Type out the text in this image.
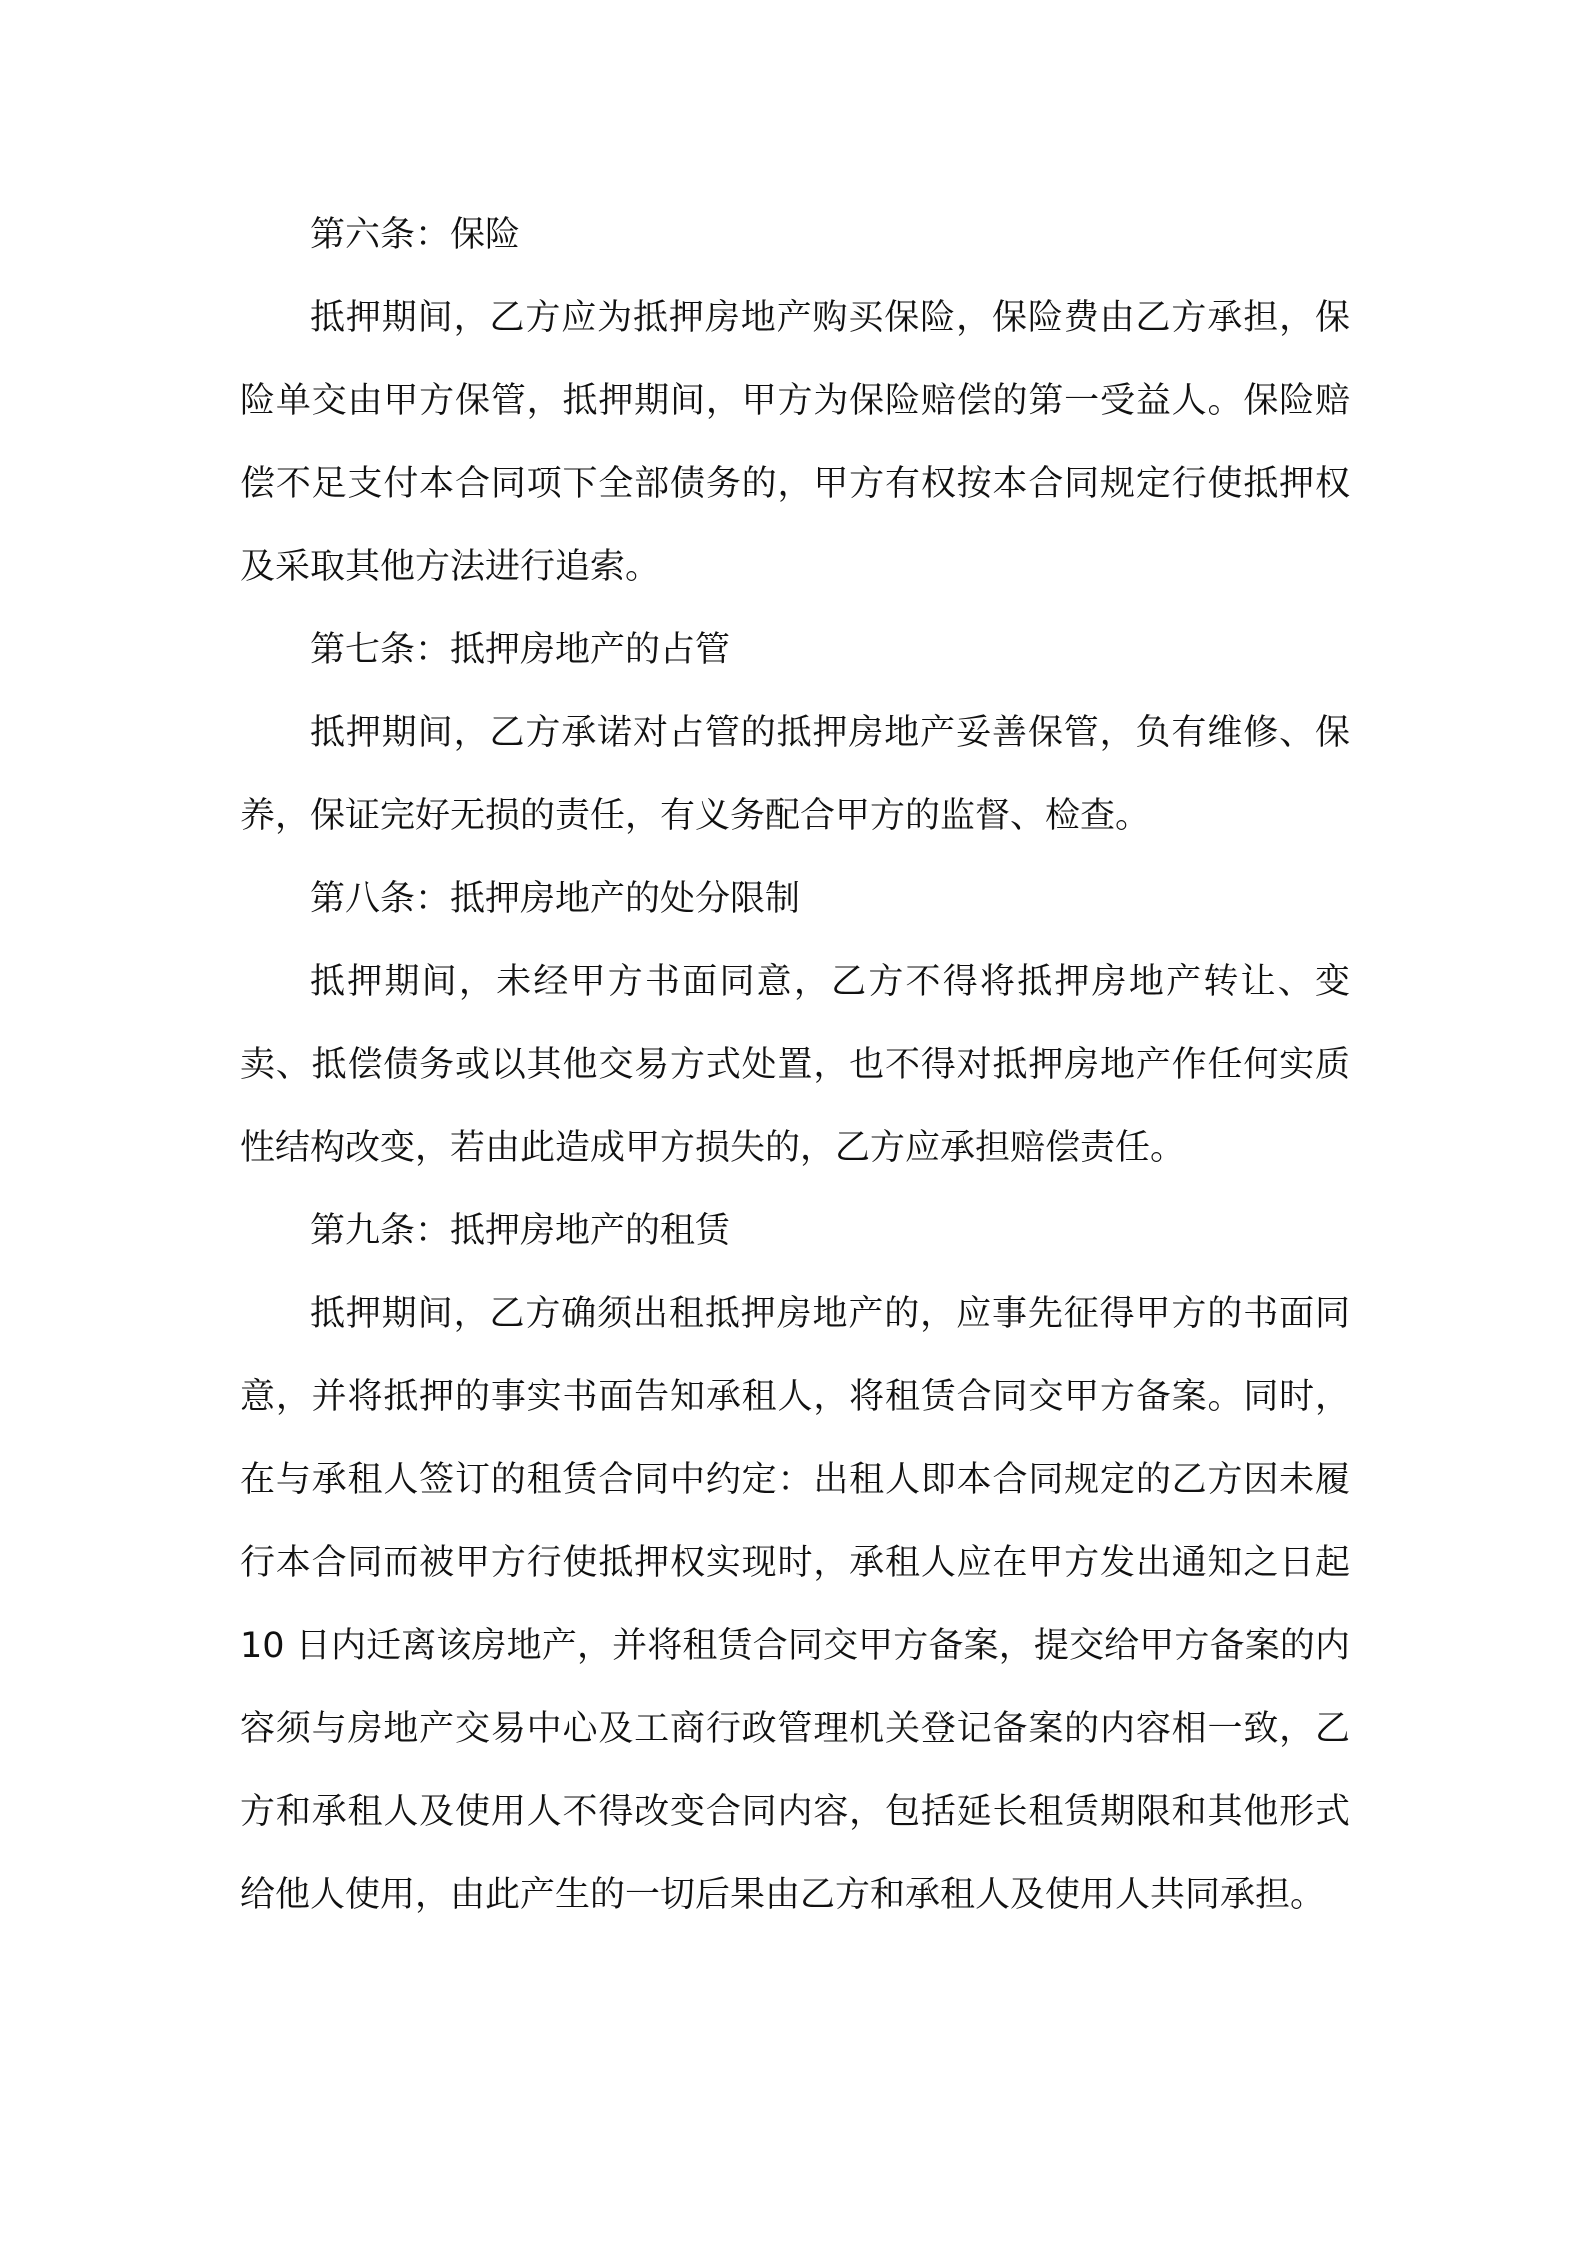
第六条：保险

抵押期间，乙方应为抵押房地产购买保险，保险费由乙方承担，保险单交由甲方保管，抵押期间，甲方为保险赔偿的第一受益人。保险赔偿不足支付本合同项下全部债务的，甲方有权按本合同规定行使抵押权及采取其他方法进行追索。

第七条：抵押房地产的占管

抵押期间，乙方承诺对占管的抵押房地产妥善保管，负有维修、保养，保证完好无损的责任，有义务配合甲方的监督、检查。

第八条：抵押房地产的处分限制

抵押期间，未经甲方书面同意，乙方不得将抵押房地产转让、变卖、抵偿债务或以其他交易方式处置，也不得对抵押房地产作任何实质性结构改变，若由此造成甲方损失的，乙方应承担赔偿责任。

第九条：抵押房地产的租赁

抵押期间，乙方确须出租抵押房地产的，应事先征得甲方的书面同意，并将抵押的事实书面告知承租人，将租赁合同交甲方备案。同时，在与承租人签订的租赁合同中约定：出租人即本合同规定的乙方因未履行本合同而被甲方行使抵押权实现时，承租人应在甲方发出通知之日起 10 日内迁离该房地产，并将租赁合同交甲方备案，提交给甲方备案的内容须与房地产交易中心及工商行政管理机关登记备案的内容相一致，乙方和承租人及使用人不得改变合同内容，包括延长租赁期限和其他形式给他人使用，由此产生的一切后果由乙方和承租人及使用人共同承担。
